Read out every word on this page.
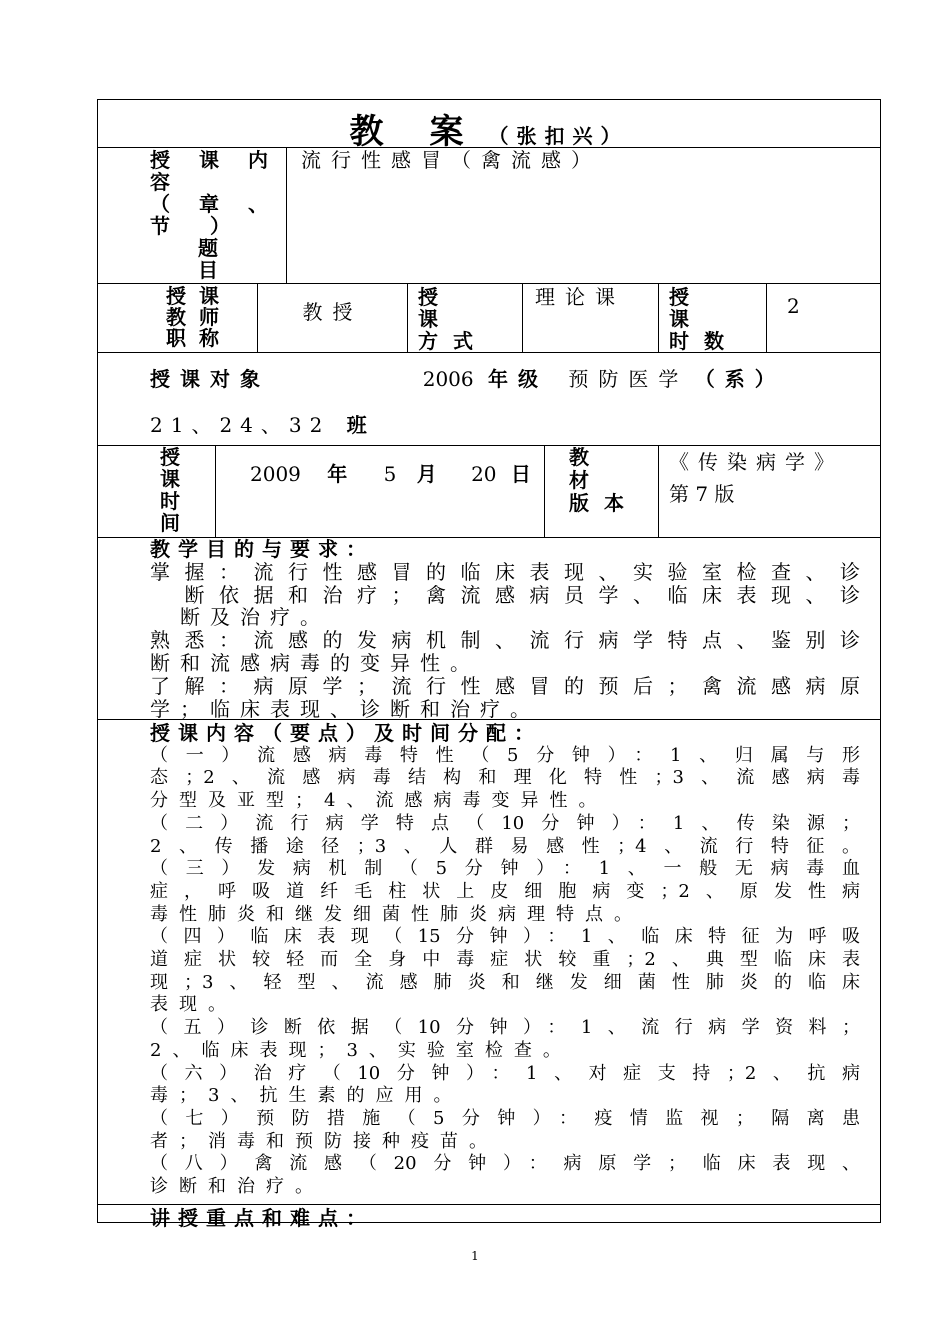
教　案 （张扣兴）
授　课　内
容
（　章　、
节　）
题
目
流行性感冒（禽流感）
授 课
教 师
职 称
教授
授　　课
方 式
理论课	授　　课
时 数
2
授课对象	2006 年级 预防医学 （系）
21、24、32 班
授
课
时
间
2009 年 5 月 20 日
教　材
版 本
《传染病学》
第 7 版
教学目的与要求：
掌握：流行性感冒的临床表现、实验室检查、诊
　断依据和治疗；禽流感病员学、临床表现、诊
　断及治疗。
熟悉：流感的发病机制、流行病学特点、鉴别诊
断和流感病毒的变异性。
了解：病原学；流行性感冒的预后；禽流感病原
学；临床表现、诊断和治疗。
授课内容（要点）及时间分配：
（一）流感病毒特性（5分钟）：1、归属与形
态；2、流感病毒结构和理化特性；3、流感病毒
分型及亚型；4、流感病毒变异性。
（二）流行病学特点（10分钟）：1、传染源；
2、传播途径；3、人群易感性；4、流行特征。
（三）发病机制（5分钟）：1、一般无病毒血
症，呼吸道纤毛柱状上皮细胞病变；2、原发性病
毒性肺炎和继发细菌性肺炎病理特点。
（四）临床表现（15分钟）：1、临床特征为呼吸
道症状较轻而全身中毒症状较重；2、典型临床表
现；3、轻型、流感肺炎和继发细菌性肺炎的临床
表现。
（五）诊断依据（10分钟）：1、流行病学资料；
2、临床表现；3、实验室检查。
（六）治疗（10分钟）：1、对症支持；2、抗病
毒；3、抗生素的应用。
（七）预防措施（5分钟）：疫情监视；隔离患
者；消毒和预防接种疫苗。
（八）禽流感（20分钟）：病原学；临床表现、
诊断和治疗。
讲授重点和难点：
1
